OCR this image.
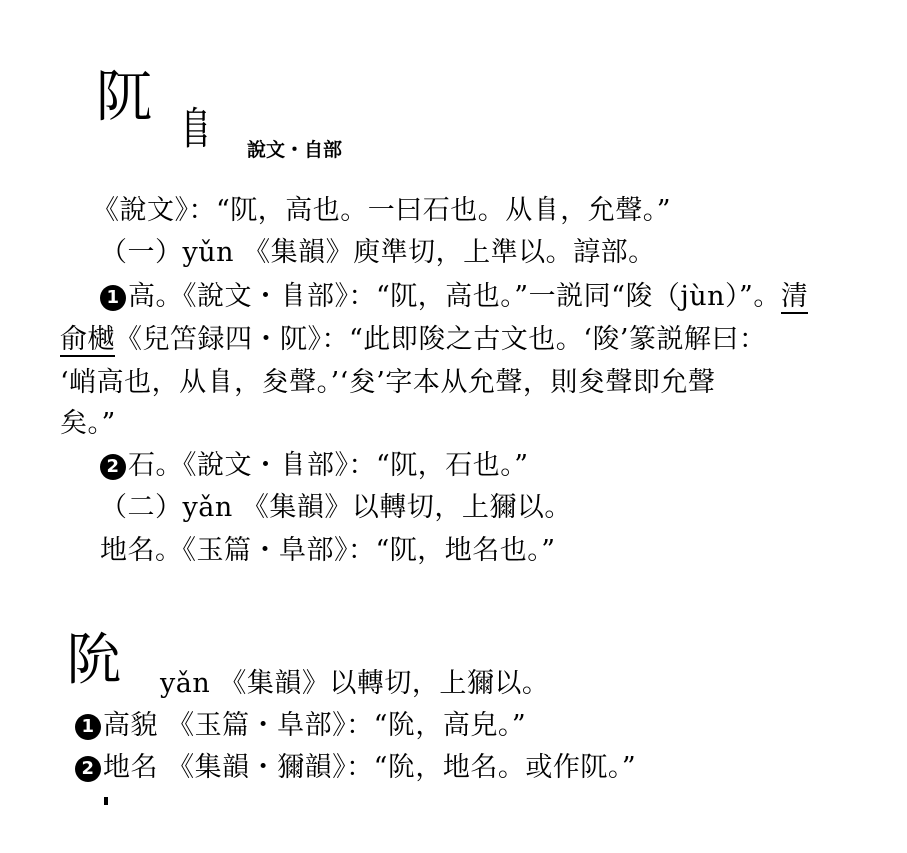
阢 𨸏 說文・自部
《說文》：“阢，高也。一曰石也。从𨸏，允聲。”
（一）yǔn 《集韻》庾準切，上準以。諄部。
1 高。《說文・𨸏部》：“阢，高也。”一説同“陖（jùn）”。清
俞樾《兒笘録四・阢》：“此即陖之古文也。‘陖’篆説解曰：
‘峭高也，从𨸏，夋聲。’‘夋’字本从允聲，則夋聲即允聲
矣。”
2 石。《說文・𨸏部》：“阢，石也。”
（二）yǎn 《集韻》以轉切，上獮以。
地名。《玉篇・阜部》：“阢，地名也。”
阭 yǎn 《集韻》以轉切，上獮以。
1 高貌 《玉篇・阜部》：“阭，高皃。”
2 地名 《集韻・獮韻》：“阭，地名。或作阢。”
